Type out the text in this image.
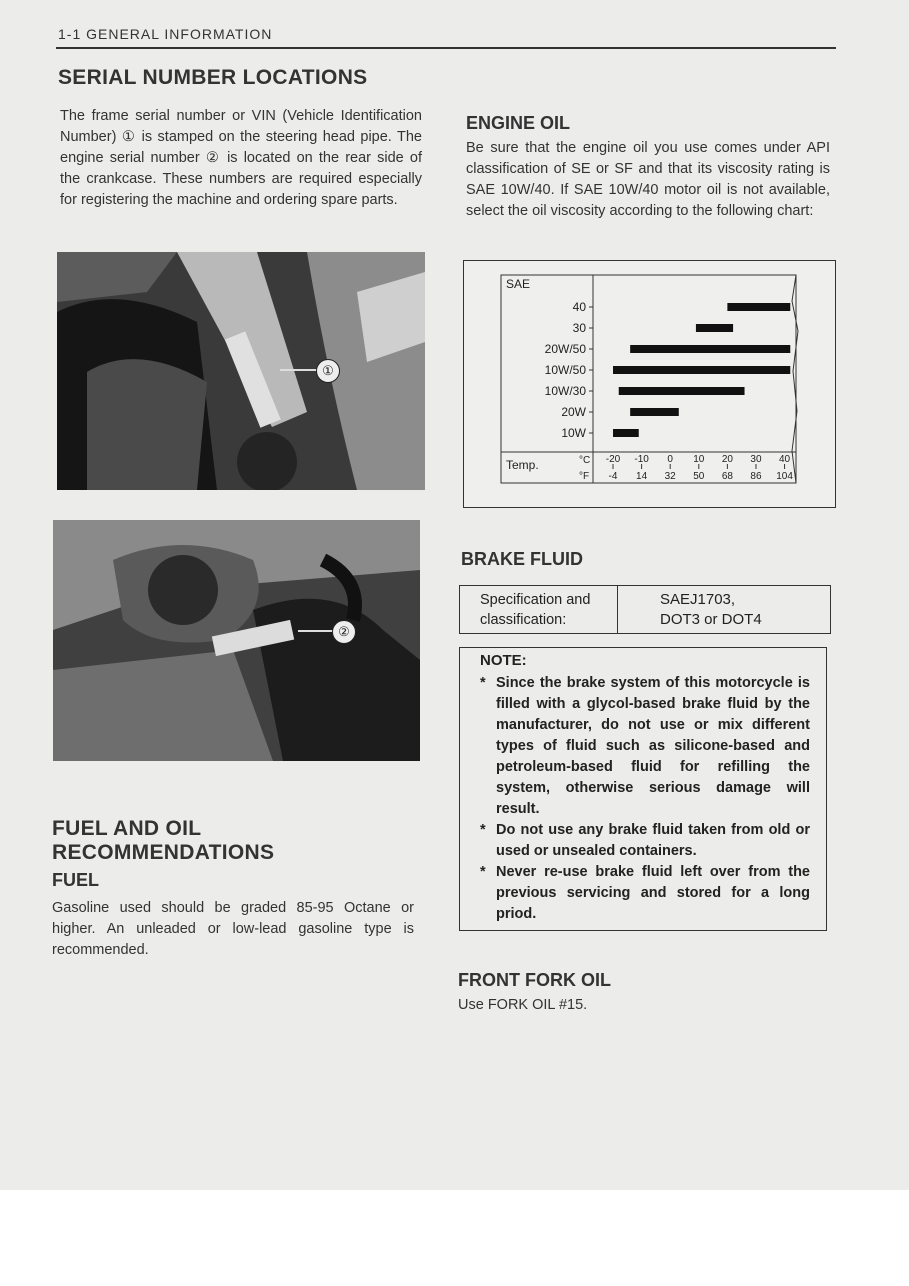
1-1 GENERAL INFORMATION
SERIAL NUMBER LOCATIONS
The frame serial number or VIN (Vehicle Identification Number) ① is stamped on the steering head pipe. The engine serial number ② is located on the rear side of the crankcase. These numbers are required especially for registering the machine and ordering spare parts.
①
②
FUEL AND OIL
RECOMMENDATIONS
FUEL
Gasoline used should be graded 85-95 Octane or higher. An unleaded or low-lead gasoline type is recommended.
ENGINE OIL
Be sure that the engine oil you use comes under API classification of SE or SF and that its viscosity rating is SAE 10W/40. If SAE 10W/40 motor oil is not available, select the oil viscosity according to the following chart:
SAE
Temp.	°C
°F
40
30
20W/50
10W/50
10W/30
20W
10W
-20
-4
-10
14
0
32
10
50
20
68
30
86
40
104
BRAKE FLUID
Specification and
classification:
SAEJ1703,
DOT3 or DOT4
NOTE:
* Since the brake system of this motorcycle is filled with a glycol-based brake fluid by the manufacturer, do not use or mix different types of fluid such as silicone-based and petroleum-based fluid for refilling the system, otherwise serious damage will result.
* Do not use any brake fluid taken from old or used or unsealed containers.
* Never re-use brake fluid left over from the previous servicing and stored for a long priod.
FRONT FORK OIL
Use FORK OIL #15.
